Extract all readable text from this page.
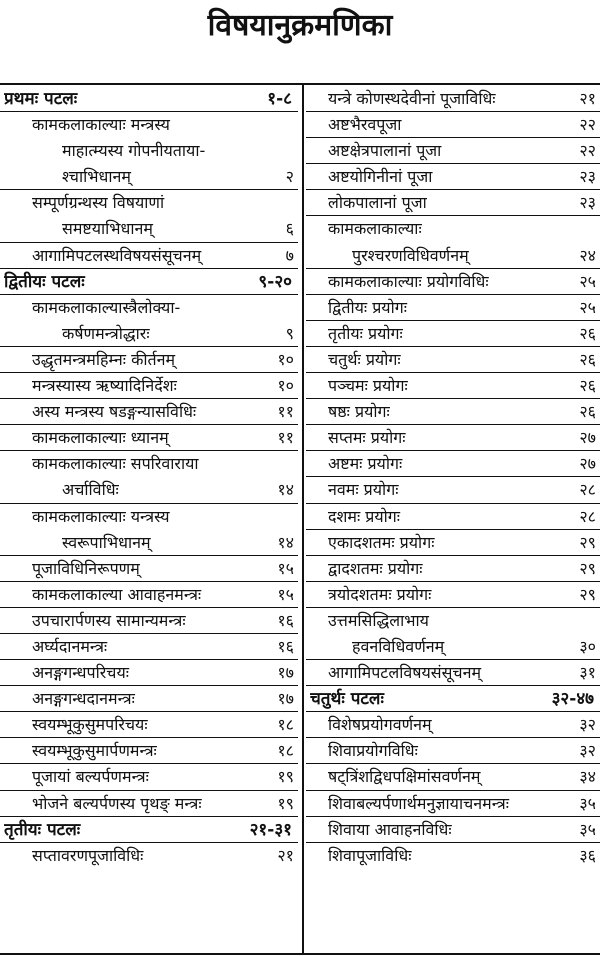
विषयानुक्रमणिका
प्रथमः पटलः	१-८
कामकलाकाल्याः मन्त्रस्य
माहात्म्यस्य गोपनीयताया-
श्चाभिधानम्	२
सम्पूर्णग्रन्थस्य विषयाणां
समष्टयाभिधानम्	६
आगामिपटलस्थविषयसंसूचनम्	७
द्वितीयः पटलः	९-२०
कामकलाकाल्यास्त्रैलोक्या-
कर्षणमन्त्रोद्धारः	९
उद्धृतमन्त्रमहिम्नः कीर्तनम्	१०
मन्त्रस्यास्य ऋष्यादिनिर्देशः	१०
अस्य मन्त्रस्य षडङ्गन्यासविधिः	११
कामकलाकाल्याः ध्यानम्	११
कामकलाकाल्याः सपरिवाराया
अर्चाविधिः	१४
कामकलाकाल्याः यन्त्रस्य
स्वरूपाभिधानम्	१४
पूजाविधिनिरूपणम्	१५
कामकलाकाल्या आवाहनमन्त्रः	१५
उपचारार्पणस्य सामान्यमन्त्रः	१६
अर्घ्यदानमन्त्रः	१६
अनङ्गगन्धपरिचयः	१७
अनङ्गगन्धदानमन्त्रः	१७
स्वयम्भूकुसुमपरिचयः	१८
स्वयम्भूकुसुमार्पणमन्त्रः	१८
पूजायां बल्यर्पणमन्त्रः	१९
भोजने बल्यर्पणस्य पृथङ् मन्त्रः	१९
तृतीयः पटलः	२१-३१
सप्तावरणपूजाविधिः	२१
यन्त्रे कोणस्थदेवीनां पूजाविधिः	२१
अष्टभैरवपूजा	२२
अष्टक्षेत्रपालानां पूजा	२२
अष्टयोगिनीनां पूजा	२३
लोकपालानां पूजा	२३
कामकलाकाल्याः
पुरश्चरणविधिवर्णनम्	२४
कामकलाकाल्याः प्रयोगविधिः	२५
द्वितीयः प्रयोगः	२५
तृतीयः प्रयोगः	२६
चतुर्थः प्रयोगः	२६
पञ्चमः प्रयोगः	२६
षष्ठः प्रयोगः	२६
सप्तमः प्रयोगः	२७
अष्टमः प्रयोगः	२७
नवमः प्रयोगः	२८
दशमः प्रयोगः	२८
एकादशतमः प्रयोगः	२९
द्वादशतमः प्रयोगः	२९
त्रयोदशतमः प्रयोगः	२९
उत्तमसिद्धिलाभाय
हवनविधिवर्णनम्	३०
आगामिपटलविषयसंसूचनम्	३१
चतुर्थः पटलः	३२-४७
विशेषप्रयोगवर्णनम्	३२
शिवाप्रयोगविधिः	३२
षट्त्रिंशद्विधपक्षिमांसवर्णनम्	३४
शिवाबल्यर्पणार्थमनुज्ञायाचनमन्त्रः	३५
शिवाया आवाहनविधिः	३५
शिवापूजाविधिः	३६
